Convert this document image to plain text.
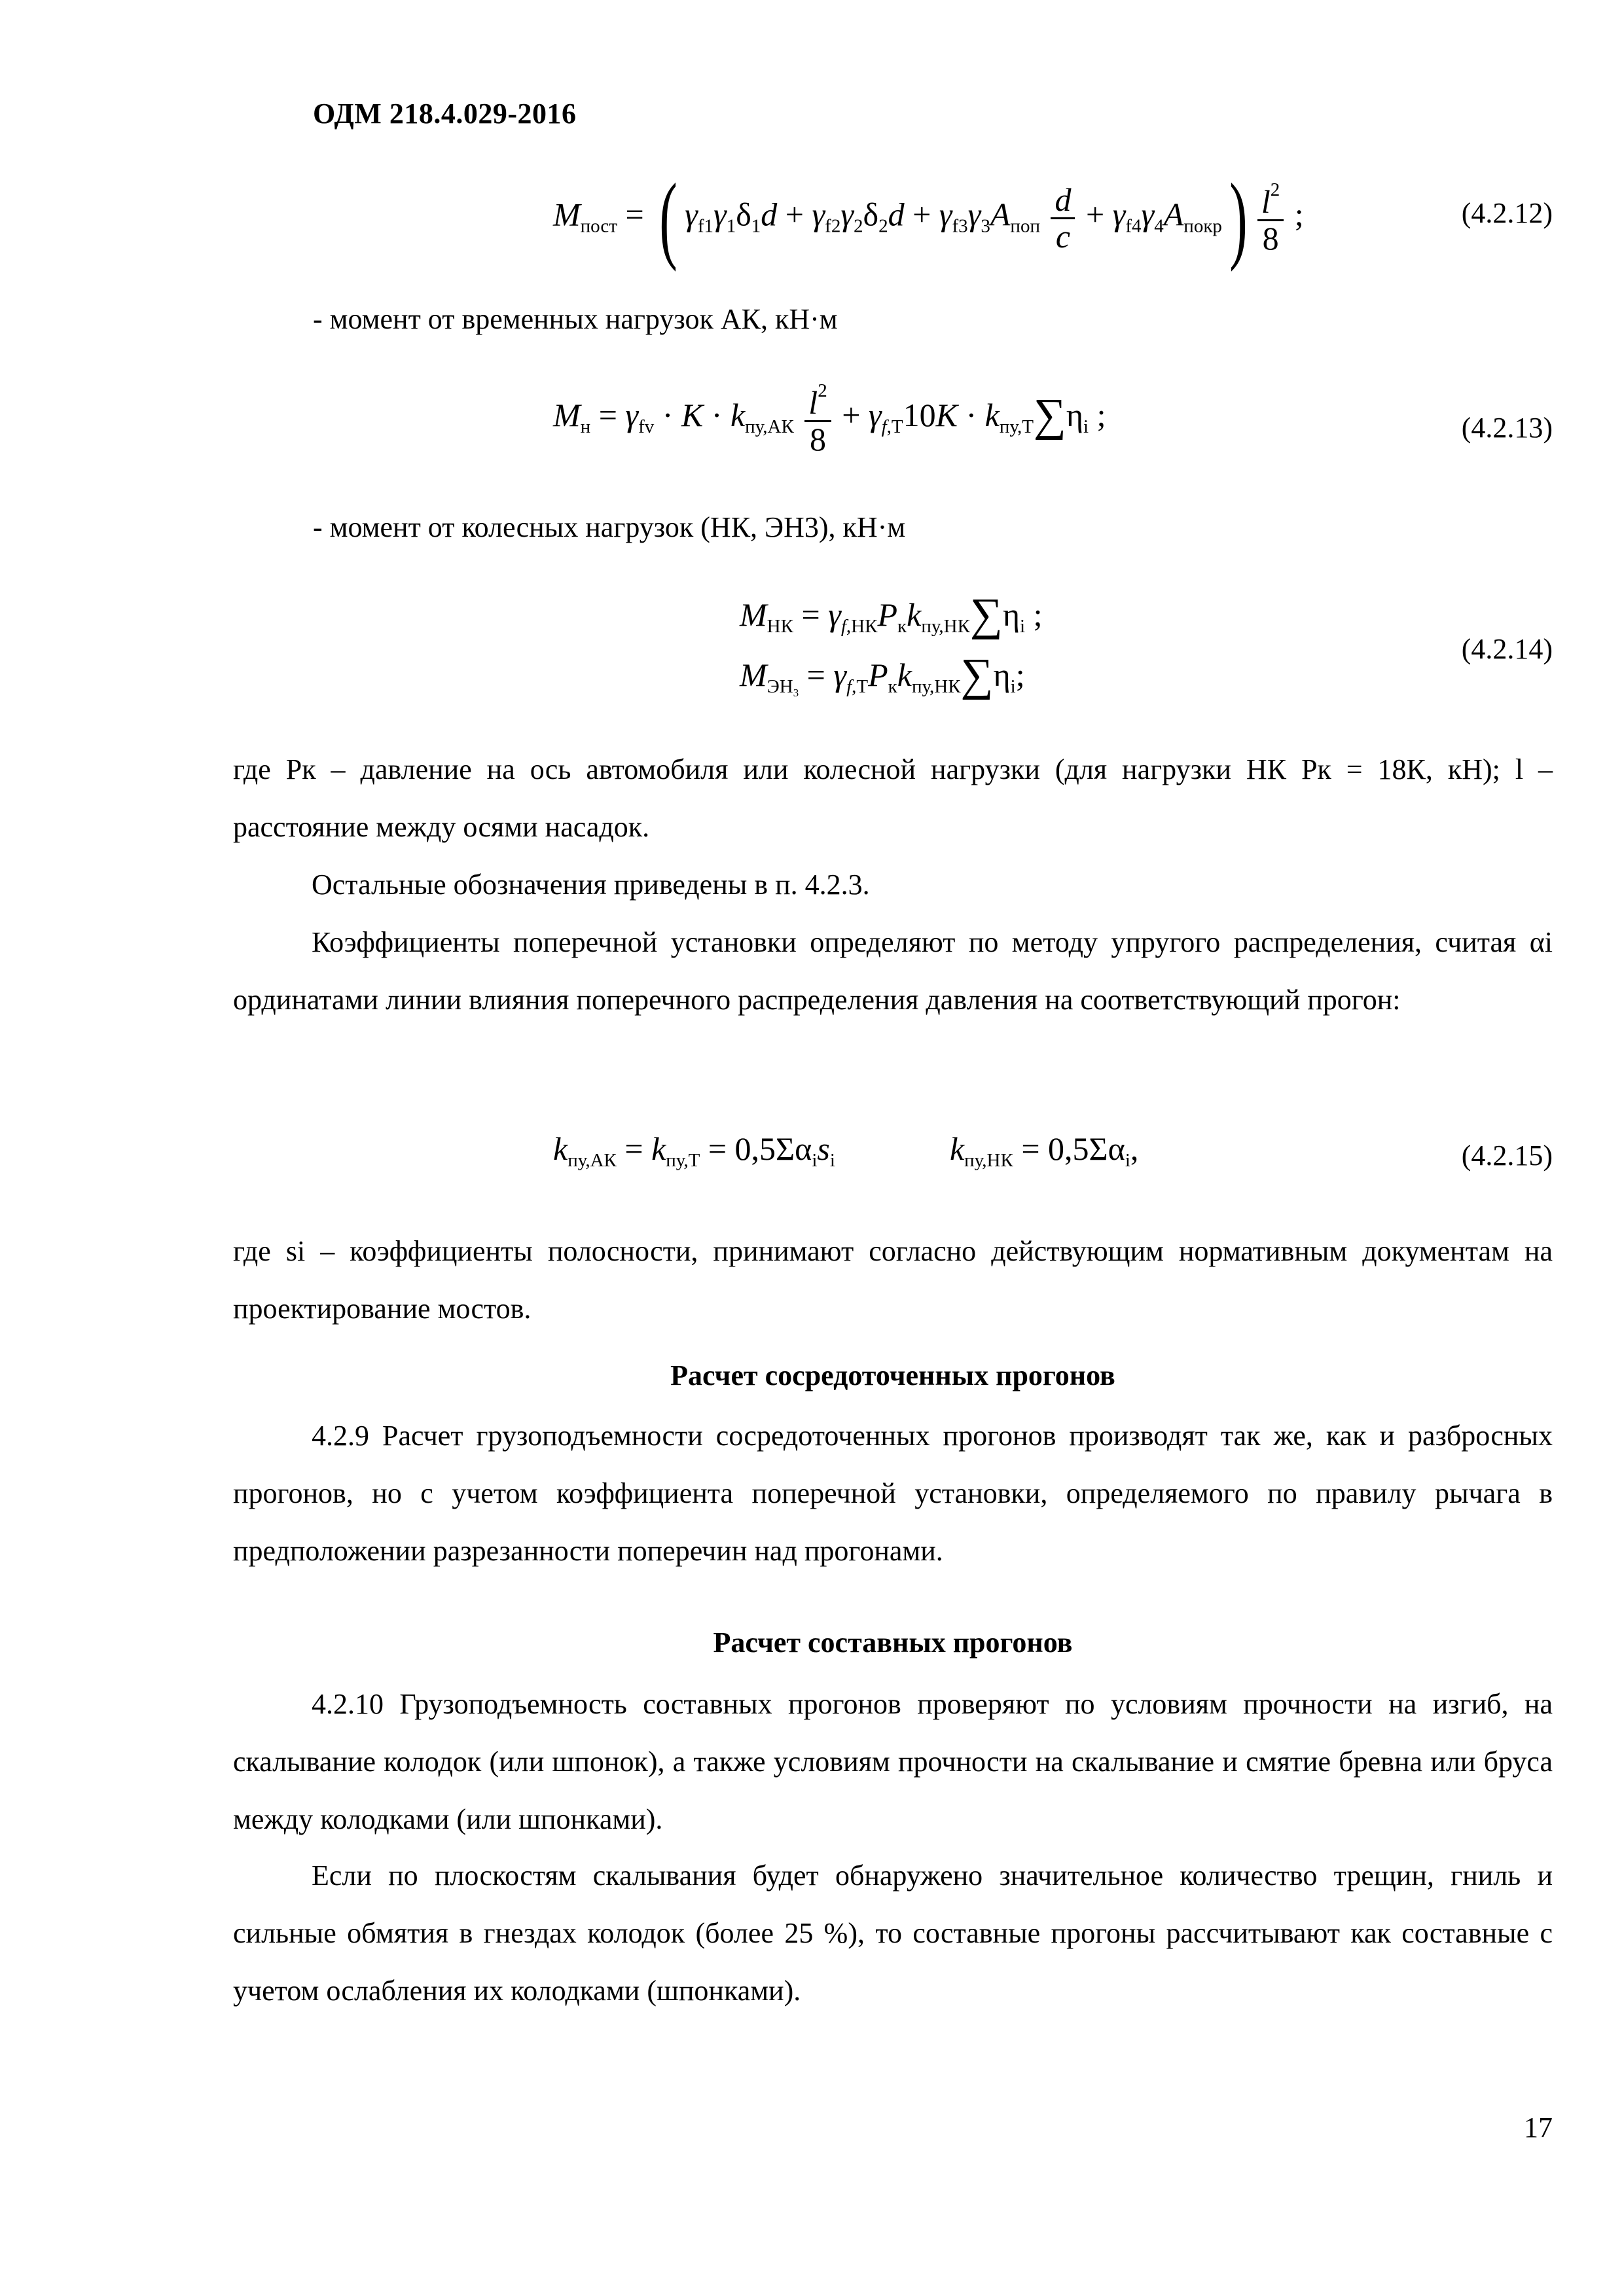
ОДМ 218.4.029-2016
$M_{пост}$ = ( $\gamma_{f1}\gamma_1\delta_1d + \gamma_{f2}\gamma_2\delta_2d + \gamma_{f3}\gamma_3A_{поп} \frac{d}{c} + \gamma_{f4}\gamma_4A_{покр}) \frac{l^2}{8}$ ;	(4.2.12)
- момент от временных нагрузок АК, кН·м
$M_н = \gamma_{fv} \cdot K \cdot k_{пу,АК} \frac{l^2}{8} + \gamma_{f,Т}10K \cdot k_{пу,Т}\sum\eta_i$ ;	(4.2.13)
- момент от колесных нагрузок (НК, ЭН3), кН·м
$M_{НК} = \gamma_{f,НК}P_кk_{пу,НК}\sum\eta_i$ ;
$M_{ЭН_3} = \gamma_{f,Т}P_кk_{пу,НК}\sum\eta_i$;
(4.2.14)
где Pк – давление на ось автомобиля или колесной нагрузки (для нагрузки НК Pк = 18К, кН); l – расстояние между осями насадок.
Остальные обозначения приведены в п. 4.2.3.
Коэффициенты поперечной установки определяют по методу упругого распределения, считая αi ординатами линии влияния поперечного распределения давления на соответствующий прогон:
$k_{пу,АК} = k_{пу,Т} = 0,5\Sigma\alpha_is_i$	$k_{пу,НК} = 0,5\Sigma\alpha_i$,	(4.2.15)
где si – коэффициенты полосности, принимают согласно действующим нормативным документам на проектирование мостов.
Расчет сосредоточенных прогонов
4.2.9 Расчет грузоподъемности сосредоточенных прогонов производят так же, как и разбросных прогонов, но с учетом коэффициента поперечной установки, определяемого по правилу рычага в предположении разрезанности поперечин над прогонами.
Расчет составных прогонов
4.2.10 Грузоподъемность составных прогонов проверяют по условиям прочности на изгиб, на скалывание колодок (или шпонок), а также условиям прочности на скалывание и смятие бревна или бруса между колодками (или шпонками).
Если по плоскостям скалывания будет обнаружено значительное количество трещин, гниль и сильные обмятия в гнездах колодок (более 25 %), то составные прогоны рассчитывают как составные с учетом ослабления их колодками (шпонками).
17
